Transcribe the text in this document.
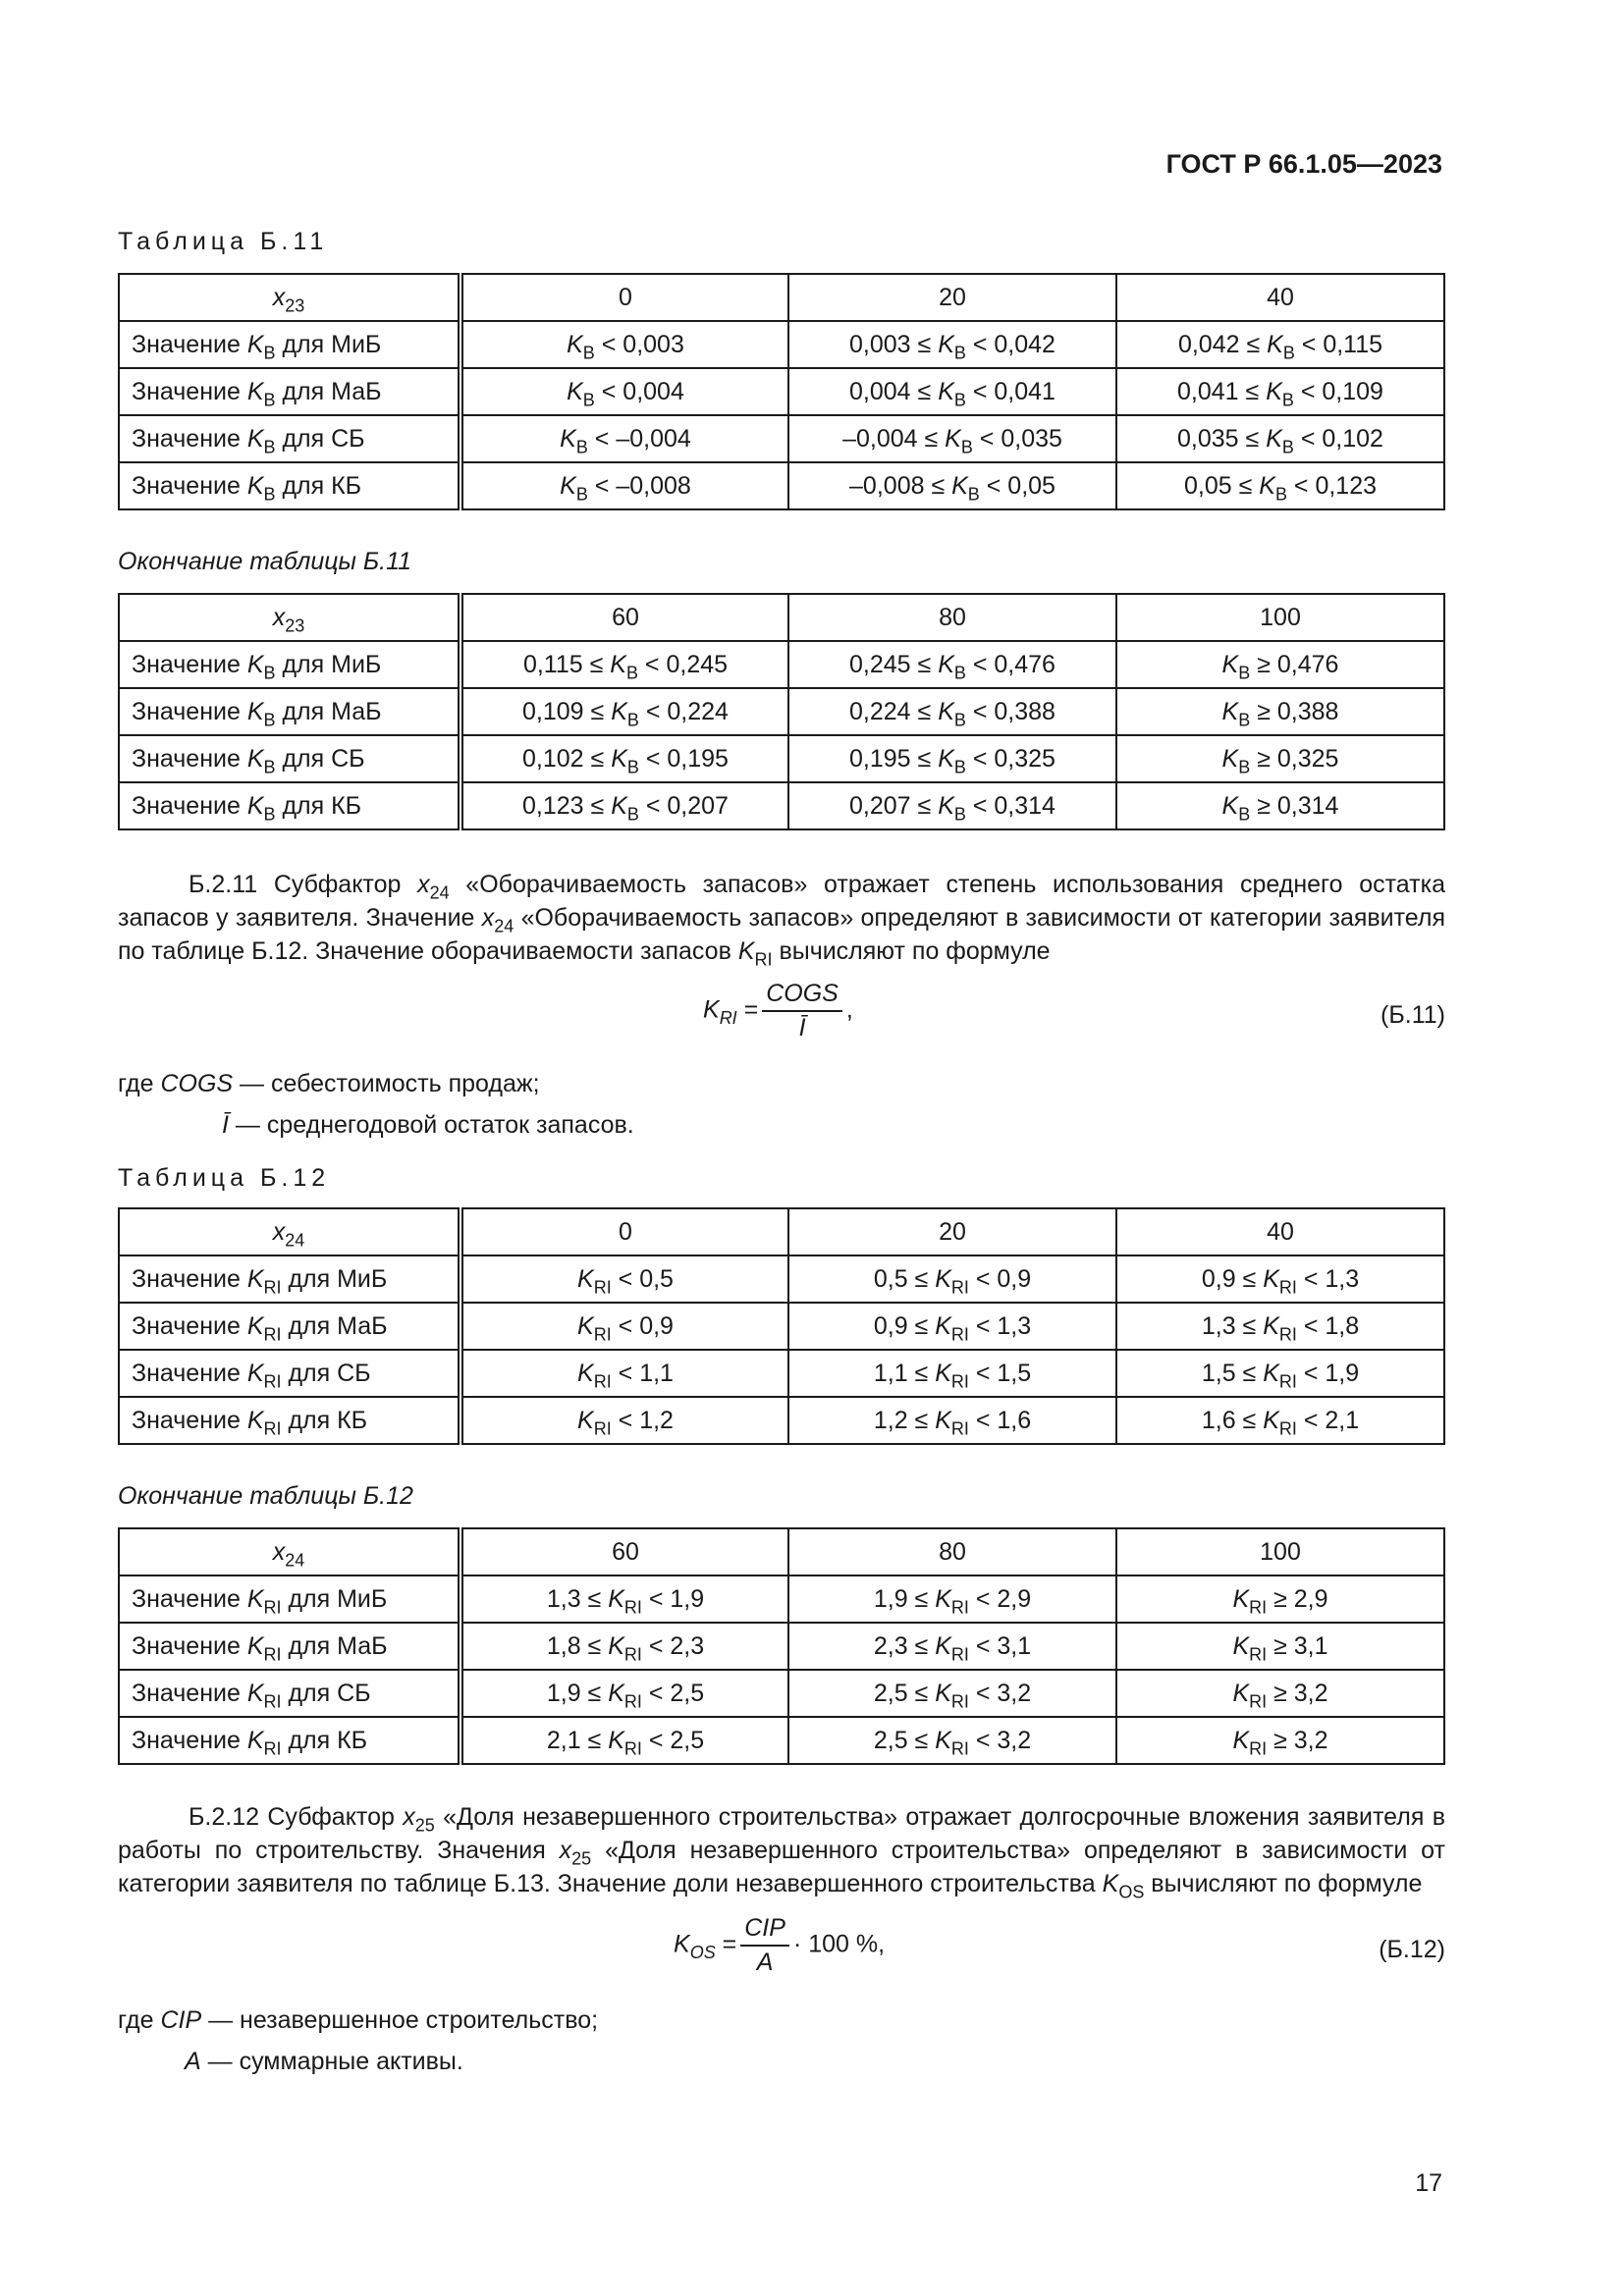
ГОСТ Р 66.1.05—2023
Таблица Б.11
$x_{23}$	0	20	40
Значение $K_B$ для МиБ	$K_B < 0,003$	$0,003 \le K_B < 0,042$	$0,042 \le K_B < 0,115$
Значение $K_B$ для МаБ	$K_B < 0,004$	$0,004 \le K_B < 0,041$	$0,041 \le K_B < 0,109$
Значение $K_B$ для СБ	$K_B < -0,004$	$-0,004 \le K_B < 0,035$	$0,035 \le K_B < 0,102$
Значение $K_B$ для КБ	$K_B < -0,008$	$-0,008 \le K_B < 0,05$	$0,05 \le K_B < 0,123$
Окончание таблицы Б.11
$x_{23}$	60	80	100
Значение $K_B$ для МиБ	$0,115 \le K_B < 0,245$	$0,245 \le K_B < 0,476$	$K_B \ge 0,476$
Значение $K_B$ для МаБ	$0,109 \le K_B < 0,224$	$0,224 \le K_B < 0,388$	$K_B \ge 0,388$
Значение $K_B$ для СБ	$0,102 \le K_B < 0,195$	$0,195 \le K_B < 0,325$	$K_B \ge 0,325$
Значение $K_B$ для КБ	$0,123 \le K_B < 0,207$	$0,207 \le K_B < 0,314$	$K_B \ge 0,314$
Б.2.11 Субфактор $x_{24}$ «Оборачиваемость запасов» отражает степень использования среднего остатка запасов у заявителя. Значение $x_{24}$ «Оборачиваемость запасов» определяют в зависимости от категории заявителя по таблице Б.12. Значение оборачиваемости запасов $K_{RI}$ вычисляют по формуле
$K_{RI} = \frac{\text{COGS}}{Ī}$ ,	(Б.11)
где COGS — себестоимость продаж;
Ī — среднегодовой остаток запасов.
Таблица Б.12
$x_{24}$	0	20	40
Значение $K_{RI}$ для МиБ	$K_{RI} < 0,5$	$0,5 \le K_{RI} < 0,9$	$0,9 \le K_{RI} < 1,3$
Значение $K_{RI}$ для МаБ	$K_{RI} < 0,9$	$0,9 \le K_{RI} < 1,3$	$1,3 \le K_{RI} < 1,8$
Значение $K_{RI}$ для СБ	$K_{RI} < 1,1$	$1,1 \le K_{RI} < 1,5$	$1,5 \le K_{RI} < 1,9$
Значение $K_{RI}$ для КБ	$K_{RI} < 1,2$	$1,2 \le K_{RI} < 1,6$	$1,6 \le K_{RI} < 2,1$
Окончание таблицы Б.12
$x_{24}$	60	80	100
Значение $K_{RI}$ для МиБ	$1,3 \le K_{RI} < 1,9$	$1,9 \le K_{RI} < 2,9$	$K_{RI} \ge 2,9$
Значение $K_{RI}$ для МаБ	$1,8 \le K_{RI} < 2,3$	$2,3 \le K_{RI} < 3,1$	$K_{RI} \ge 3,1$
Значение $K_{RI}$ для СБ	$1,9 \le K_{RI} < 2,5$	$2,5 \le K_{RI} < 3,2$	$K_{RI} \ge 3,2$
Значение $K_{RI}$ для КБ	$2,1 \le K_{RI} < 2,5$	$2,5 \le K_{RI} < 3,2$	$K_{RI} \ge 3,2$
Б.2.12 Субфактор $x_{25}$ «Доля незавершенного строительства» отражает долгосрочные вложения заявителя в работы по строительству. Значения $x_{25}$ «Доля незавершенного строительства» определяют в зависимости от категории заявителя по таблице Б.13. Значение доли незавершенного строительства $K_{OS}$ вычисляют по формуле
$K_{OS} = \frac{\text{CIP}}{A} \cdot 100$ %,	(Б.12)
где CIP — незавершенное строительство;
A — суммарные активы.
17
